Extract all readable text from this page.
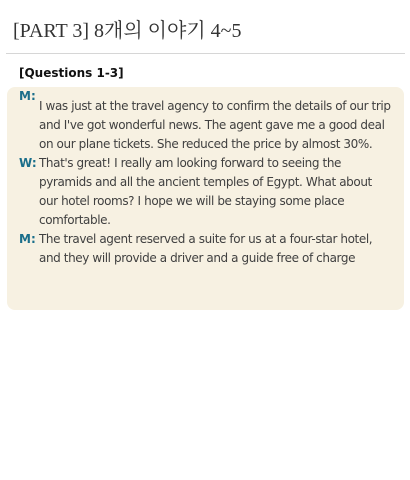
[PART 3] 8개의 이야기 4~5
[Questions 1-3]
M:
I was just at the travel agency to confirm the details of our trip and I've got wonderful news. The agent gave me a good deal on our plane tickets. She reduced the price by almost 30%.
W: That's great! I really am looking forward to seeing the pyramids and all the ancient temples of Egypt. What about our hotel rooms? I hope we will be staying some place comfortable.
M: The travel agent reserved a suite for us at a four-star hotel, and they will provide a driver and a guide free of charge
